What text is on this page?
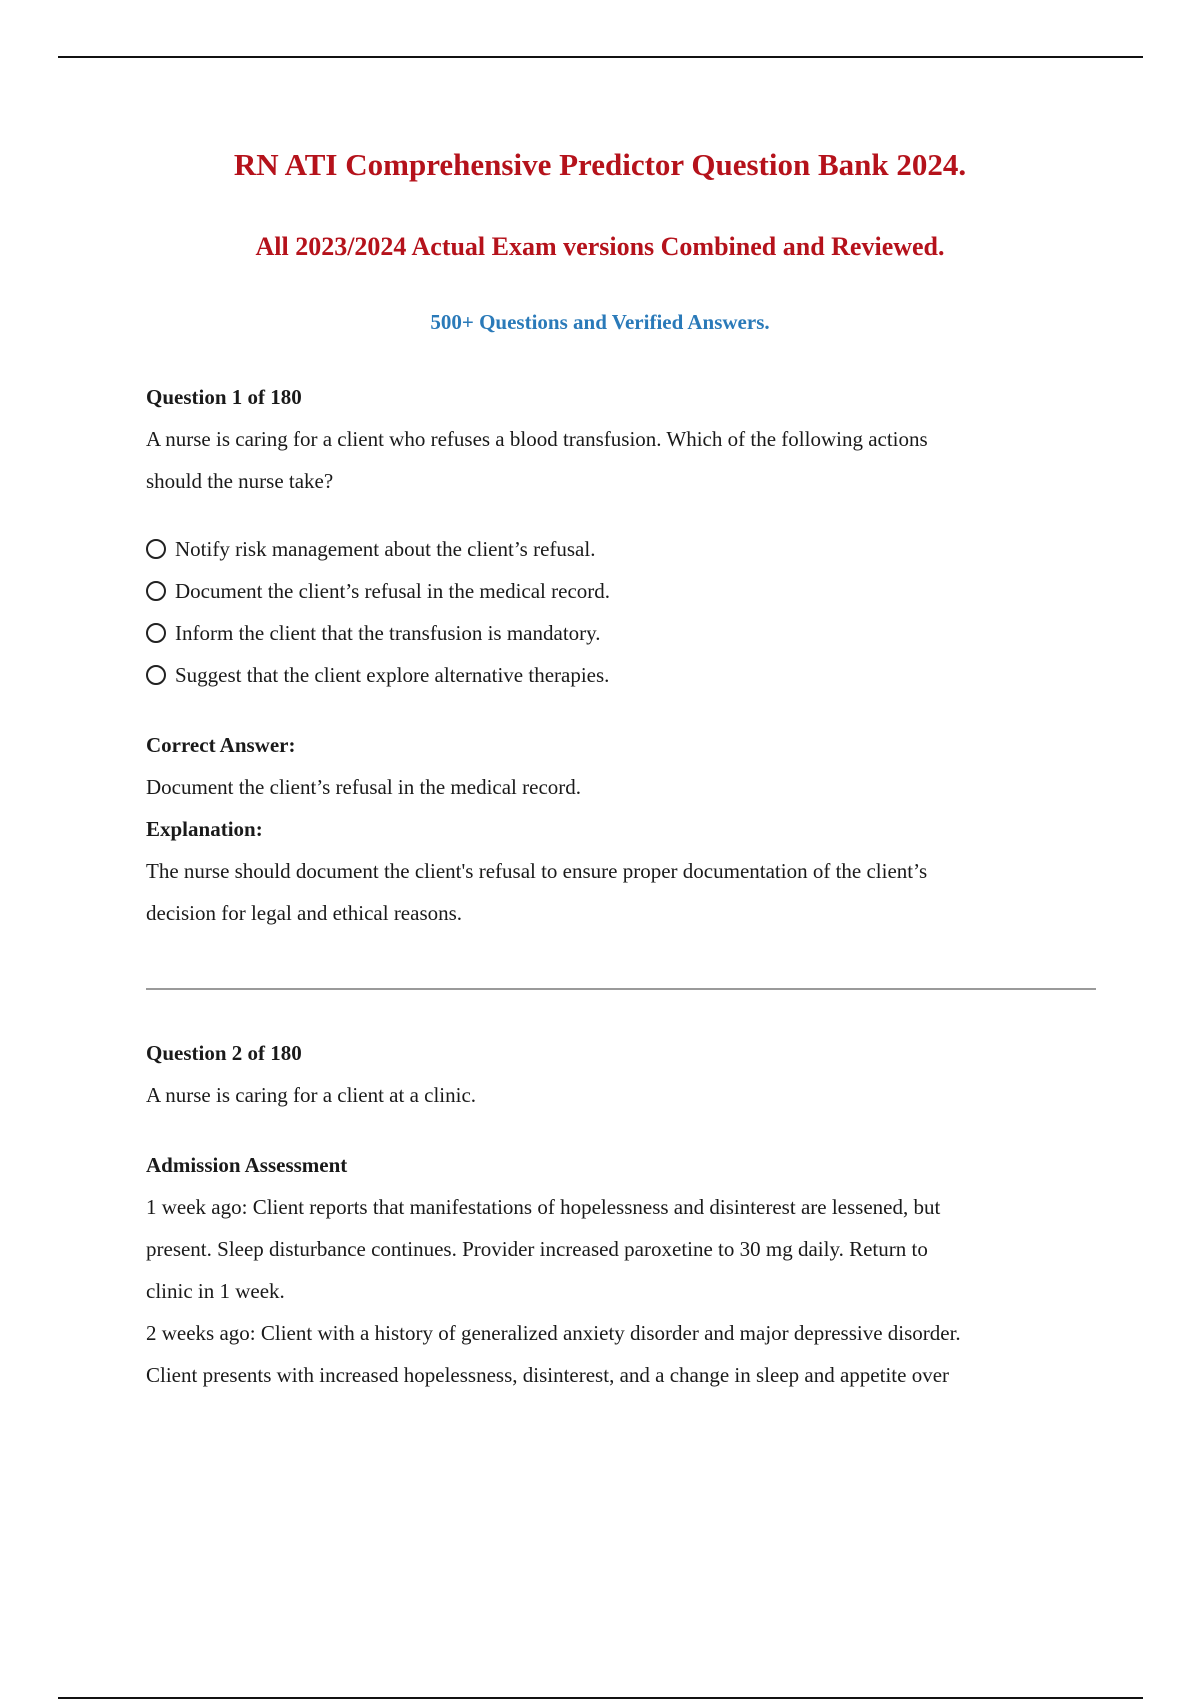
RN ATI Comprehensive Predictor Question Bank 2024.
All 2023/2024 Actual Exam versions Combined and Reviewed.
500+ Questions and Verified Answers.

Question 1 of 180

A nurse is caring for a client who refuses a blood transfusion. Which of the following actions

should the nurse take?

Notify risk management about the client’s refusal.
Document the client’s refusal in the medical record.
Inform the client that the transfusion is mandatory.
Suggest that the client explore alternative therapies.

Correct Answer:

Document the client’s refusal in the medical record.

Explanation:

The nurse should document the client's refusal to ensure proper documentation of the client’s

decision for legal and ethical reasons.

Question 2 of 180

A nurse is caring for a client at a clinic.

Admission Assessment

1 week ago: Client reports that manifestations of hopelessness and disinterest are lessened, but

present. Sleep disturbance continues. Provider increased paroxetine to 30 mg daily. Return to

clinic in 1 week.

2 weeks ago: Client with a history of generalized anxiety disorder and major depressive disorder.

Client presents with increased hopelessness, disinterest, and a change in sleep and appetite over
